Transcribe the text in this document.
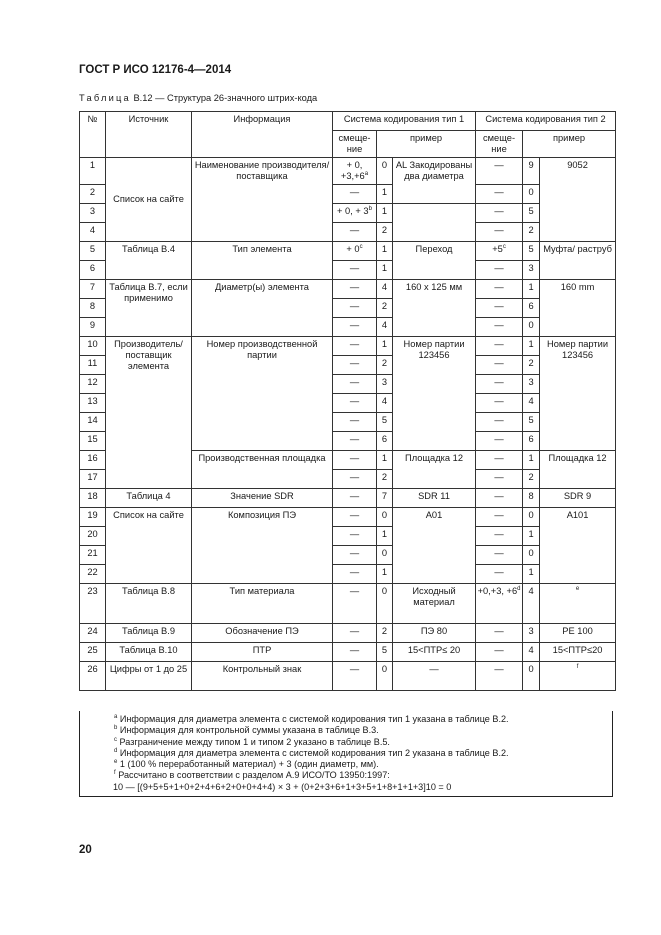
ГОСТ Р ИСО 12176-4—2014

Таблица В.12 — Структура 26-значного штрих-кода

№	Источник	Информация	Система кодирования тип 1			Система кодирования тип 2		
			смеще-ние	пример		смеще-ние	пример	
1	Список на сайте	Наименование производителя/поставщика	+ 0, $+3,+6^a$	0	AL Закодированы два диаметра	—	9	9052
2			—	1		—	0	
3			+ 0, + $3^b$	1		—	5	
4			—	2		—	2	
5	Таблица В.4	Тип элемента	+ $0^c$	1	Переход	$+5^c$	5	Муфта/ раструб
6			—	1		—	3	
7	Таблица В.7, если применимо	Диаметр(ы) элемента	—	4	160 x 125 мм	—	1	160 mm
8			—	2		—	6	
9			—	4		—	0	
10	Производитель/ поставщик элемента	Номер производственной партии	—	1	Номер партии 123456	—	1	Номер партии 123456
11			—	2		—	2	
12			—	3		—	3	
13			—	4		—	4	
14			—	5		—	5	
15			—	6		—	6	
16		Производственная площадка	—	1	Площадка 12	—	1	Площадка 12
17			—	2		—	2	
18	Таблица 4	Значение SDR	—	7	SDR 11	—	8	SDR 9
19	Список на сайте	Композиция ПЭ	—	0	A01	—	0	A101
20			—	1		—	1	
21			—	0		—	0	
22			—	1		—	1	
23	Таблица В.8	Тип материала	—	0	Исходный материал	+0,+3, $+6^d$	4	$^e$
24	Таблица В.9	Обозначение ПЭ	—	2	ПЭ 80	—	3	PE 100
25	Таблица В.10	ПТР	—	5	15<ПТР≤ 20	—	4	15<ПТР≤20
26	Цифры от 1 до 25	Контрольный знак	—	0	—	—	0	$^f$

$^a$ Информация для диаметра элемента с системой кодирования тип 1 указана в таблице В.2.

$^b$ Информация для контрольной суммы указана в таблице В.3.

$^c$ Разграничение между типом 1 и типом 2 указано в таблице В.5.

$^d$ Информация для диаметра элемента с системой кодирования тип 2 указана в таблице В.2.

$^e$ 1 (100 % переработанный материал) + 3 (один диаметр, мм).

$^f$ Рассчитано в соответствии с разделом А.9 ИСО/ТО 13950:1997:

10 — [(9+5+5+1+0+2+4+6+2+0+0+4+4) × 3 + (0+2+3+6+1+3+5+1+8+1+1+3]10 = 0

20
